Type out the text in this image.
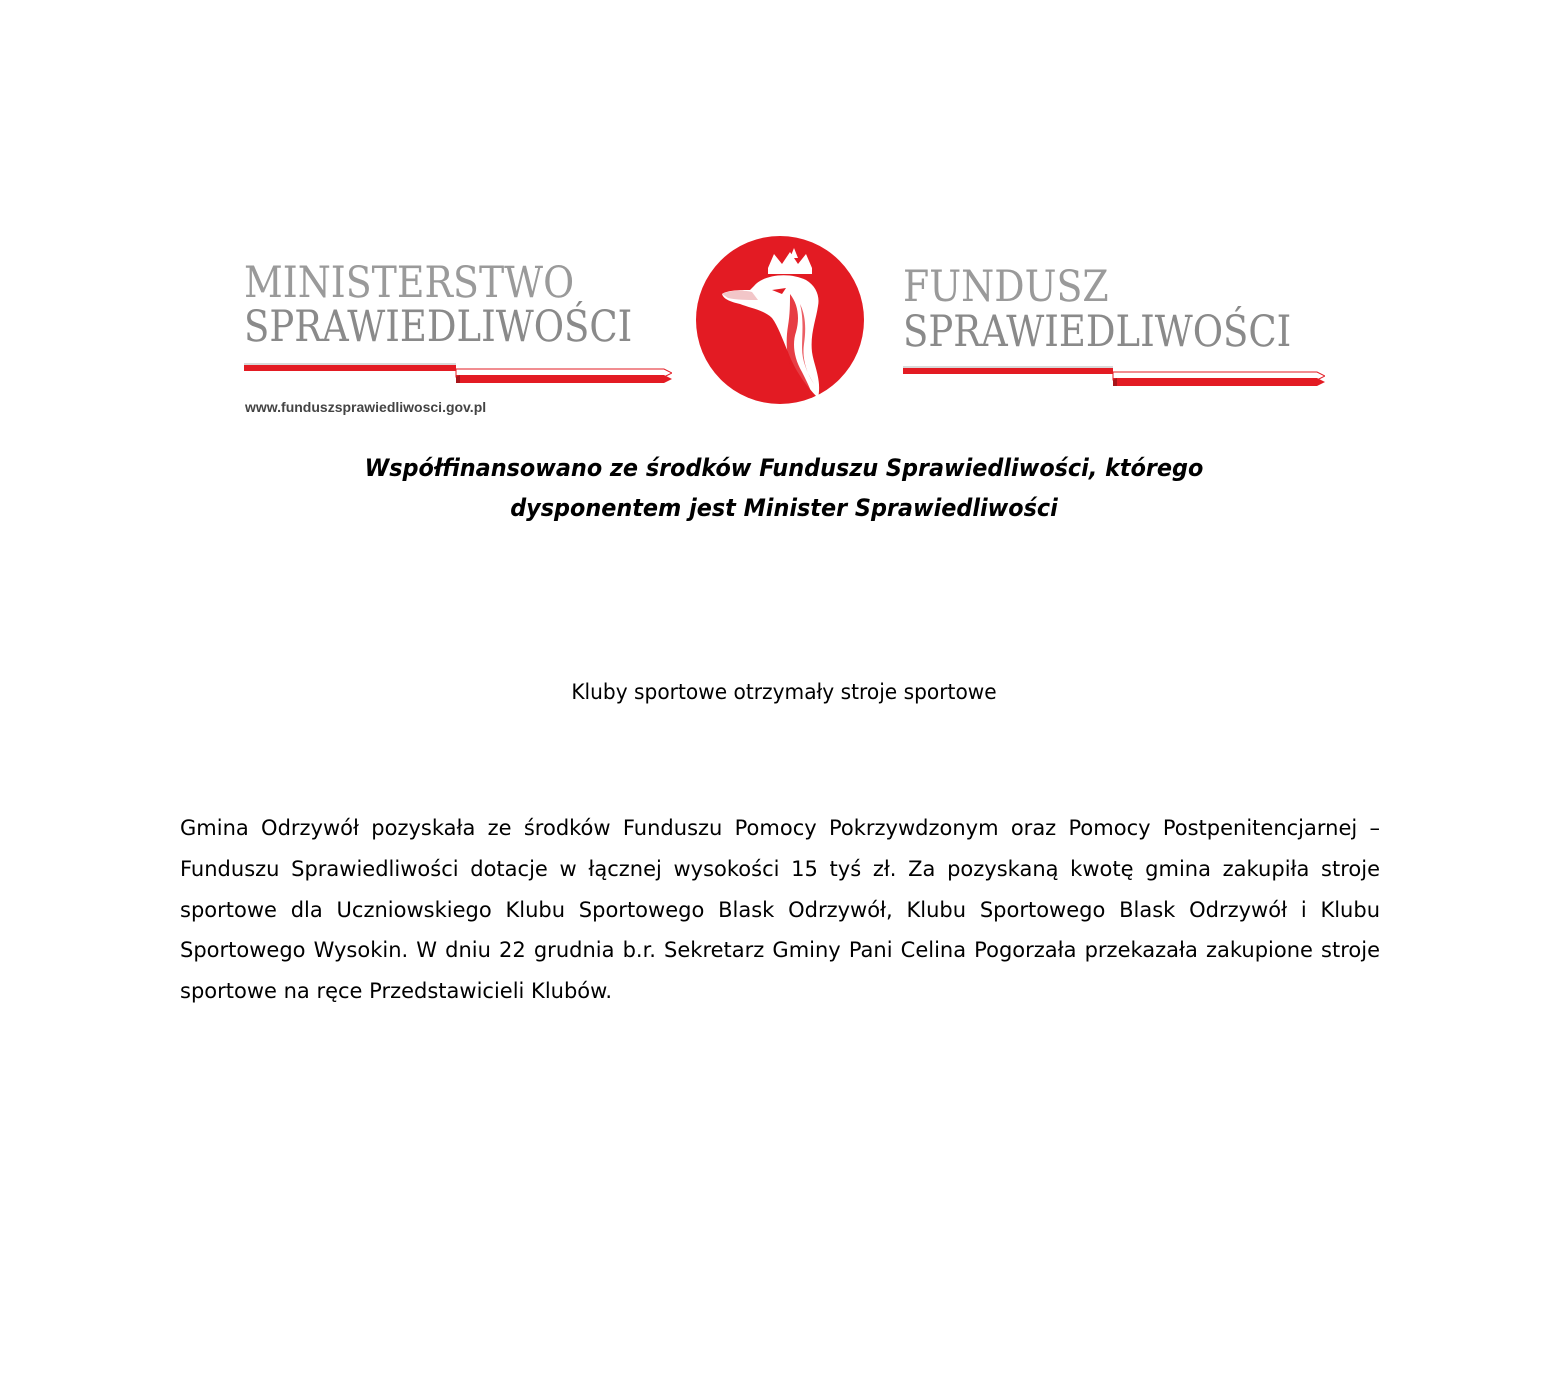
MINISTERSTWO
SPRAWIEDLIWOŚCI
FUNDUSZ
SPRAWIEDLIWOŚCI
www.funduszsprawiedliwosci.gov.pl
Współfinansowano ze środków Funduszu Sprawiedliwości, którego
dysponentem jest Minister Sprawiedliwości
Kluby sportowe otrzymały stroje sportowe

Gmina Odrzywół pozyskała ze środków Funduszu Pomocy Pokrzywdzonym oraz Pomocy Postpenitencjarnej – Funduszu Sprawiedliwości dotacje w łącznej wysokości 15 tyś zł. Za pozyskaną kwotę gmina zakupiła stroje sportowe dla Uczniowskiego Klubu Sportowego Blask Odrzywół, Klubu Sportowego Blask Odrzywół i Klubu Sportowego Wysokin. W dniu 22 grudnia b.r. Sekretarz Gminy Pani Celina Pogorzała przekazała zakupione stroje sportowe na ręce Przedstawicieli Klubów.
